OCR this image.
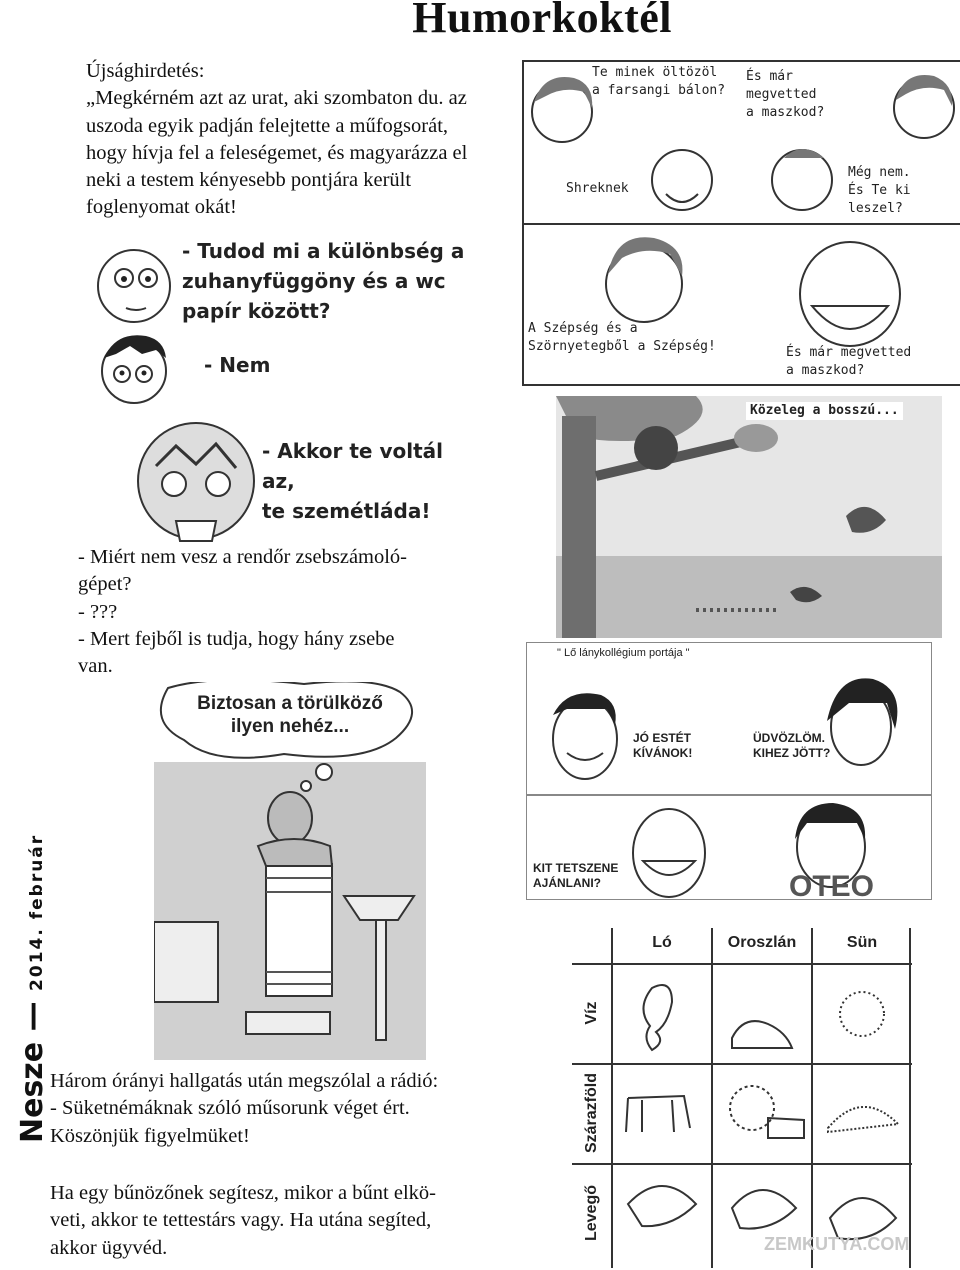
Humorkoktél
Nesze — 2014. február

Újsághirdetés:

„Megkérném azt az urat, aki szombaton du. az uszoda egyik padján felejtette a műfogsorát, hogy hívja fel a feleségemet, és magyarázza el neki a testem kényesebb pontjára került foglenyomat okát!

- Tudod mi a különbség a
zuhanyfüggöny és a wc
papír között?
- Nem
- Akkor te voltál az,
te szemétláda!
Te minek öltözöl
a farsangi bálon?
És már
megvetted
a maszkod?
Shreknek
Még nem.
És Te ki
leszel?
A Szépség és a
Szörnyetegből a Szépség!	És már megvetted
a maszkod?
Közeleg a bosszú...

- Miért nem vesz a rendőr zsebszámoló-

gépet?

- ???

- Mert fejből is tudja, hogy hány zsebe

van.

Biztosan a törülköző
ilyen nehéz...
" Lő lánykollégium portája "
JÓ ESTÉT
KÍVÁNOK!
ÜDVÖZLÖM.
KIHEZ JÖTT?
KIT TETSZENE
AJÁNLANI?	OTEO
Ló	Oroszlán	Sün
Víz
Szárazföld
Levegő
ZEMKUTYA.COM

Három órányi hallgatás után megszólal a rádió:

- Süketnémáknak szóló műsorunk véget ért.

Köszönjük figyelmüket!

Ha egy bűnözőnek segítesz, mikor a bűnt elkö-

veti, akkor te tettestárs vagy. Ha utána segíted,

akkor ügyvéd.
